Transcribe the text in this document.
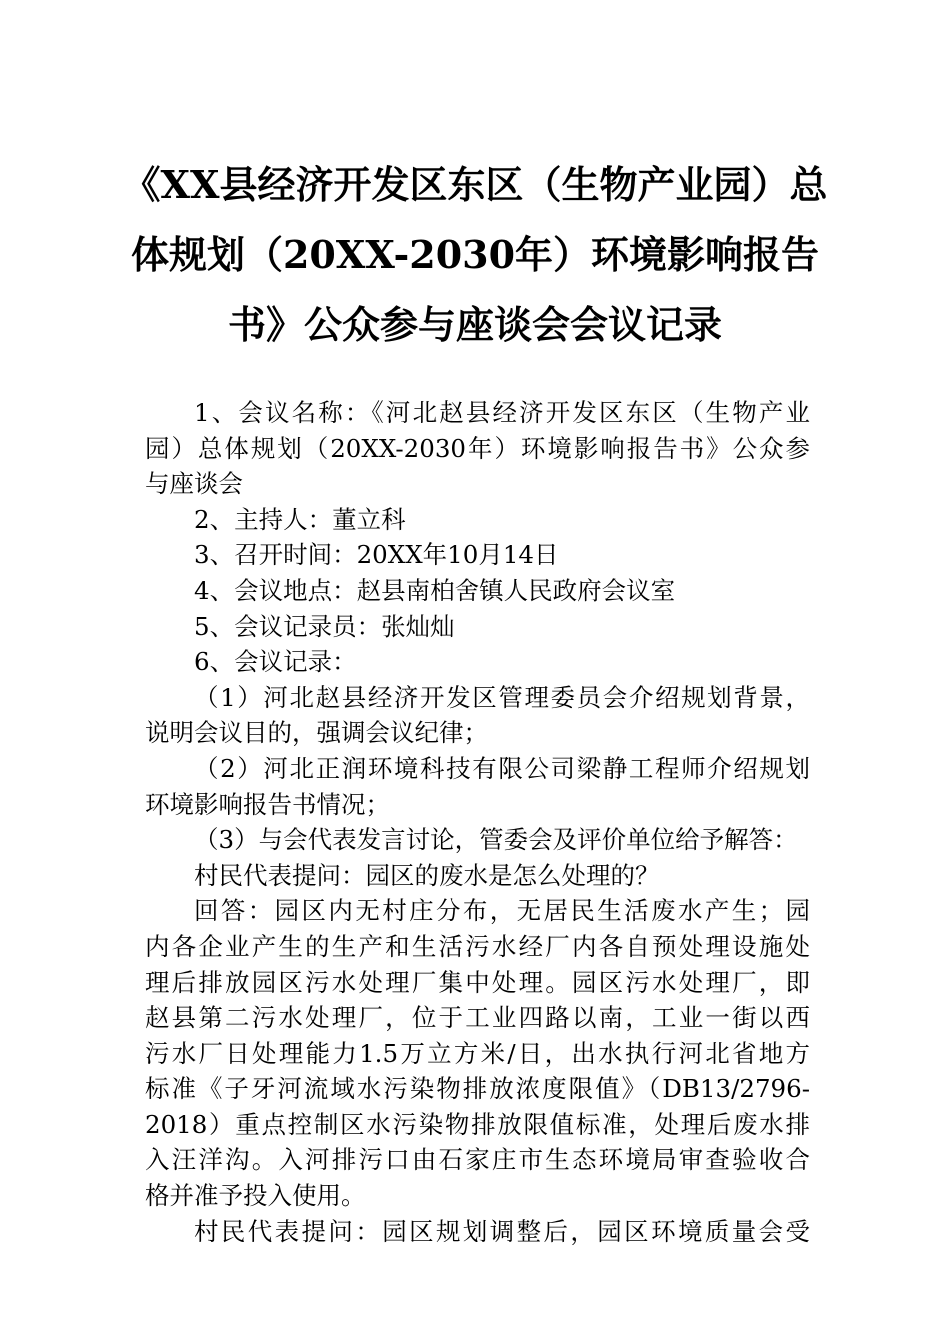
《XX县经济开发区东区（生物产业园）总
体规划（20XX-2030年）环境影响报告
书》公众参与座谈会会议记录
1、会议名称：《河北赵县经济开发区东区（生物产业
园）总体规划（20XX-2030年）环境影响报告书》公众参
与座谈会
2、主持人：董立科
3、召开时间：20XX年10月14日
4、会议地点：赵县南柏舍镇人民政府会议室
5、会议记录员：张灿灿
6、会议记录：
（1）河北赵县经济开发区管理委员会介绍规划背景，
说明会议目的，强调会议纪律；
（2）河北正润环境科技有限公司梁静工程师介绍规划
环境影响报告书情况；
（3）与会代表发言讨论，管委会及评价单位给予解答：
村民代表提问：园区的废水是怎么处理的？
回答：园区内无村庄分布，无居民生活废水产生；园
内各企业产生的生产和生活污水经厂内各自预处理设施处
理后排放园区污水处理厂集中处理。园区污水处理厂，即
赵县第二污水处理厂，位于工业四路以南，工业一街以西
污水厂日处理能力1.5万立方米/日，出水执行河北省地方
标准《子牙河流域水污染物排放浓度限值》（DB13/2796-
2018）重点控制区水污染物排放限值标准，处理后废水排
入汪洋沟。入河排污口由石家庄市生态环境局审查验收合
格并准予投入使用。
村民代表提问：园区规划调整后，园区环境质量会受
